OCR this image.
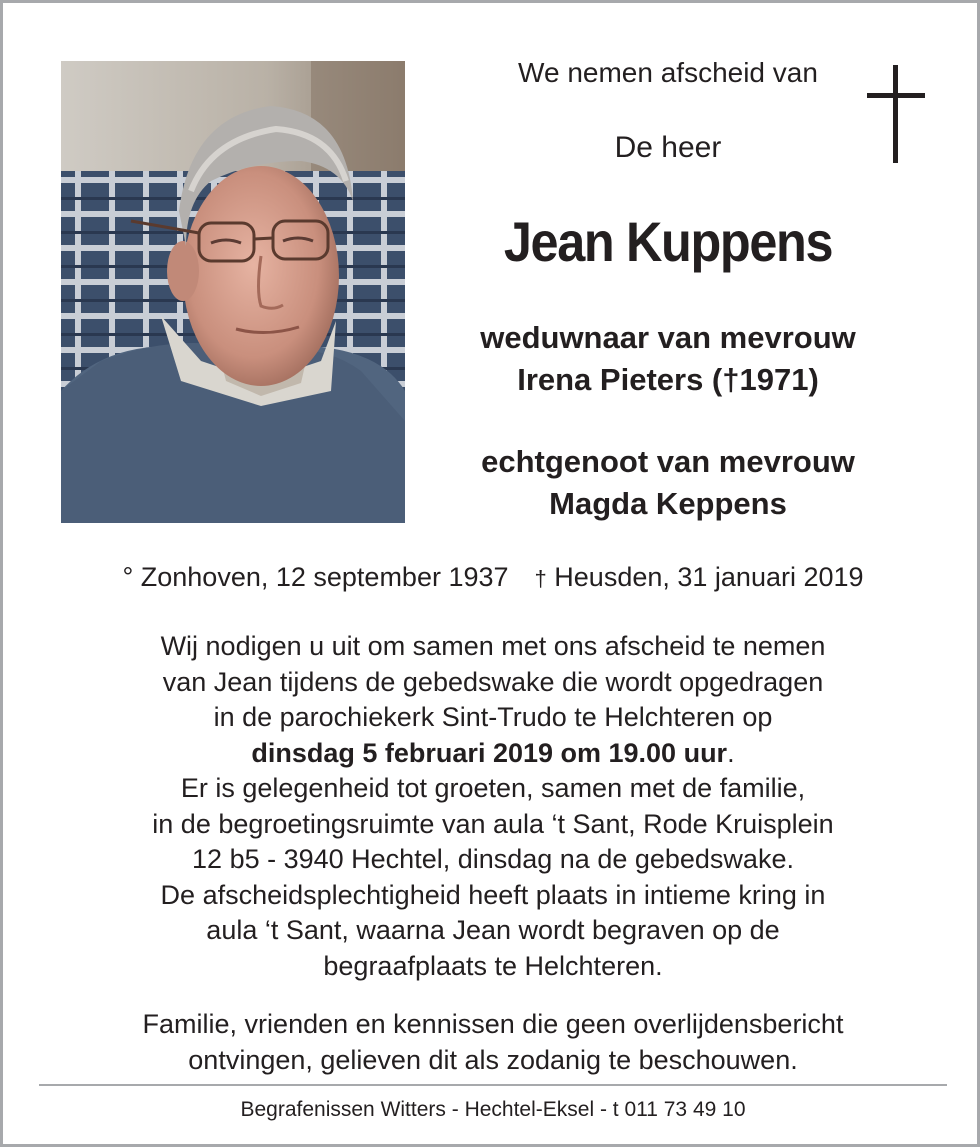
We nemen afscheid van
De heer
Jean Kuppens
weduwnaar van mevrouw
Irena Pieters (†1971)
echtgenoot van mevrouw
Magda Keppens
° Zonhoven, 12 september 1937 † Heusden, 31 januari 2019
Wij nodigen u uit om samen met ons afscheid te nemen
van Jean tijdens de gebedswake die wordt opgedragen
in de parochiekerk Sint-Trudo te Helchteren op
dinsdag 5 februari 2019 om 19.00 uur.
Er is gelegenheid tot groeten, samen met de familie,
in de begroetingsruimte van aula ‘t Sant, Rode Kruisplein
12 b5 - 3940 Hechtel, dinsdag na de gebedswake.
De afscheidsplechtigheid heeft plaats in intieme kring in
aula ‘t Sant, waarna Jean wordt begraven op de
begraafplaats te Helchteren.
Familie, vrienden en kennissen die geen overlijdensbericht
ontvingen, gelieven dit als zodanig te beschouwen.
Begrafenissen Witters - Hechtel-Eksel - t 011 73 49 10
